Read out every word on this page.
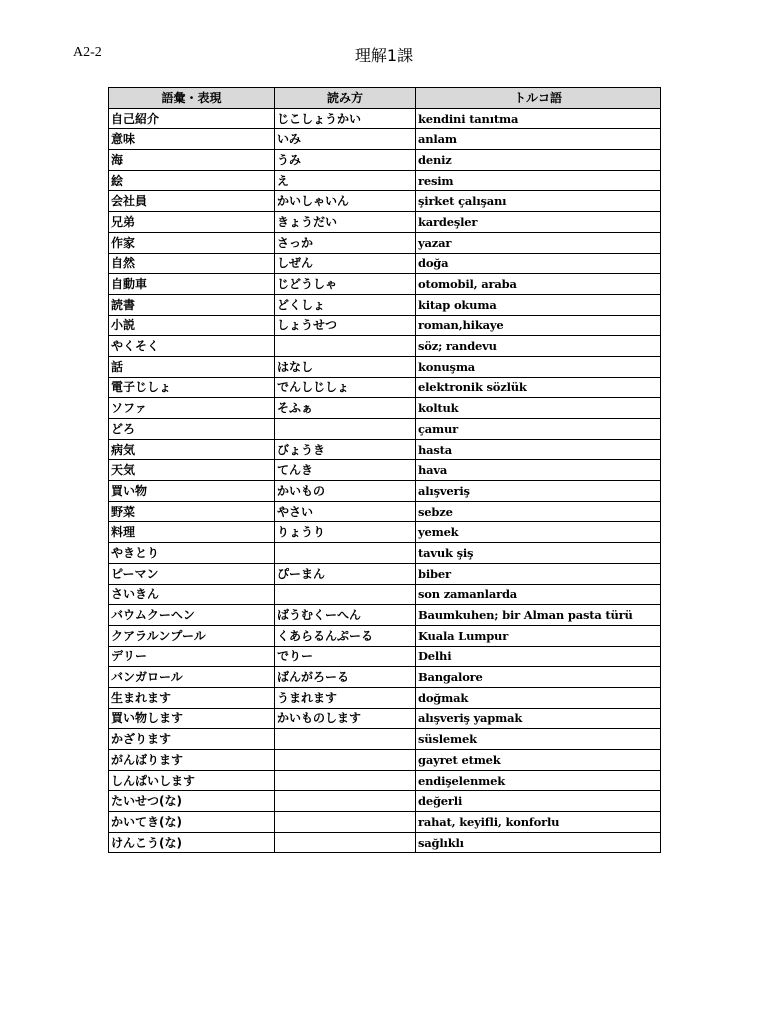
A2-2	理解1課
語彙・表現	読み方	トルコ語
自己紹介	じこしょうかい	kendini tanıtma
意味	いみ	anlam
海	うみ	deniz
絵	え	resim
会社員	かいしゃいん	şirket çalışanı
兄弟	きょうだい	kardeşler
作家	さっか	yazar
自然	しぜん	doğa
自動車	じどうしゃ	otomobil, araba
読書	どくしょ	kitap okuma
小説	しょうせつ	roman,hikaye
やくそく		söz; randevu
話	はなし	konuşma
電子じしょ	でんしじしょ	elektronik sözlük
ソファ	そふぁ	koltuk
どろ		çamur
病気	びょうき	hasta
天気	てんき	hava
買い物	かいもの	alışveriş
野菜	やさい	sebze
料理	りょうり	yemek
やきとり		tavuk şiş
ピーマン	ぴーまん	biber
さいきん		son zamanlarda
バウムクーヘン	ばうむくーへん	Baumkuhen; bir Alman pasta türü
クアラルンプール	くあらるんぷーる	Kuala Lumpur
デリー	でりー	Delhi
バンガロール	ばんがろーる	Bangalore
生まれます	うまれます	doğmak
買い物します	かいものします	alışveriş yapmak
かざります		süslemek
がんばります		gayret etmek
しんぱいします		endişelenmek
たいせつ(な)		değerli
かいてき(な)		rahat, keyifli, konforlu
けんこう(な)		sağlıklı
